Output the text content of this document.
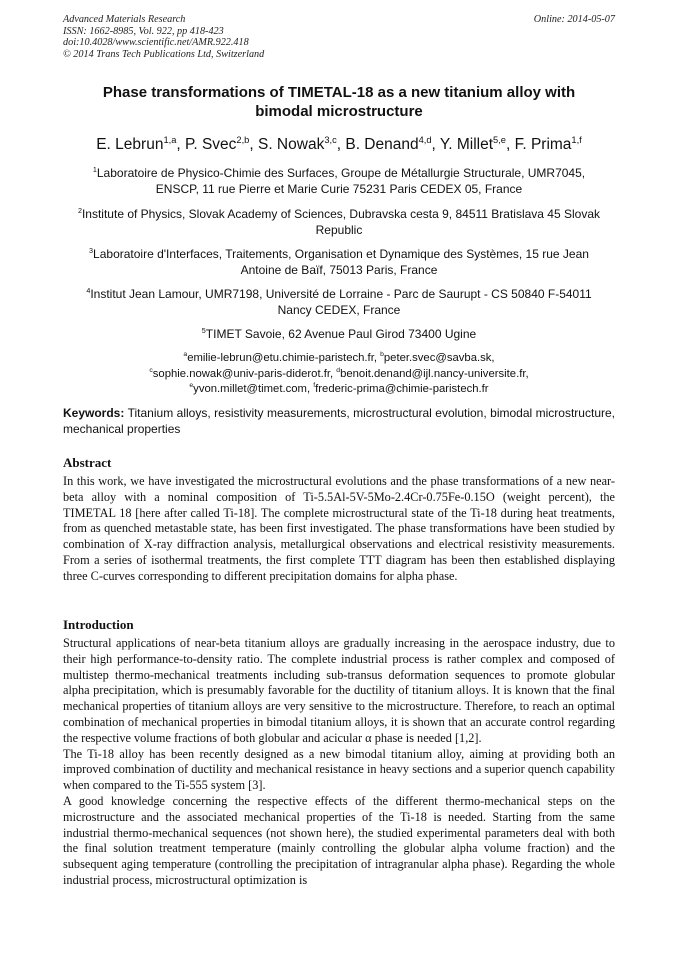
Advanced Materials Research
ISSN: 1662-8985, Vol. 922, pp 418-423
doi:10.4028/www.scientific.net/AMR.922.418
© 2014 Trans Tech Publications Ltd, Switzerland
Online: 2014-05-07
Phase transformations of TIMETAL-18 as a new titanium alloy with
bimodal microstructure
E. Lebrun$^{1,a}$, P. Svec$^{2,b}$, S. Nowak$^{3,c}$, B. Denand$^{4,d}$, Y. Millet$^{5,e}$, F. Prima$^{1,f}$
$^1$Laboratoire de Physico-Chimie des Surfaces, Groupe de Métallurgie Structurale, UMR7045,
ENSCP, 11 rue Pierre et Marie Curie 75231 Paris CEDEX 05, France
$^2$Institute of Physics, Slovak Academy of Sciences, Dubravska cesta 9, 84511 Bratislava 45 Slovak
Republic
$^3$Laboratoire d'Interfaces, Traitements, Organisation et Dynamique des Systèmes, 15 rue Jean
Antoine de Baïf, 75013 Paris, France
$^4$Institut Jean Lamour, UMR7198, Université de Lorraine - Parc de Saurupt - CS 50840 F-54011
Nancy CEDEX, France
$^5$TIMET Savoie, 62 Avenue Paul Girod 73400 Ugine
$^a$emilie-lebrun@etu.chimie-paristech.fr, $^b$peter.svec@savba.sk,
$^c$sophie.nowak@univ-paris-diderot.fr, $^d$benoit.denand@ijl.nancy-universite.fr,
$^e$yvon.millet@timet.com, $^f$frederic-prima@chimie-paristech.fr
Keywords: Titanium alloys, resistivity measurements, microstructural evolution, bimodal microstructure, mechanical properties
Abstract

In this work, we have investigated the microstructural evolutions and the phase transformations of a new near-beta alloy with a nominal composition of Ti-5.5Al-5V-5Mo-2.4Cr-0.75Fe-0.15O (weight percent), the TIMETAL 18 [here after called Ti-18]. The complete microstructural state of the Ti-18 during heat treatments, from as quenched metastable state, has been first investigated. The phase transformations have been studied by combination of X-ray diffraction analysis, metallurgical observations and electrical resistivity measurements. From a series of isothermal treatments, the first complete TTT diagram has been then established displaying three C-curves corresponding to different precipitation domains for alpha phase.

Introduction

Structural applications of near-beta titanium alloys are gradually increasing in the aerospace industry, due to their high performance-to-density ratio. The complete industrial process is rather complex and composed of multistep thermo-mechanical treatments including sub-transus deformation sequences to promote globular alpha precipitation, which is presumably favorable for the ductility of titanium alloys. It is known that the final mechanical properties of titanium alloys are very sensitive to the microstructure. Therefore, to reach an optimal combination of mechanical properties in bimodal titanium alloys, it is shown that an accurate control regarding the respective volume fractions of both globular and acicular α phase is needed [1,2].

The Ti-18 alloy has been recently designed as a new bimodal titanium alloy, aiming at providing both an improved combination of ductility and mechanical resistance in heavy sections and a superior quench capability when compared to the Ti-555 system [3].

A good knowledge concerning the respective effects of the different thermo-mechanical steps on the microstructure and the associated mechanical properties of the Ti-18 is needed. Starting from the same industrial thermo-mechanical sequences (not shown here), the studied experimental parameters deal with both the final solution treatment temperature (mainly controlling the globular alpha volume fraction) and the subsequent aging temperature (controlling the precipitation of intragranular alpha phase). Regarding the whole industrial process, microstructural optimization is
